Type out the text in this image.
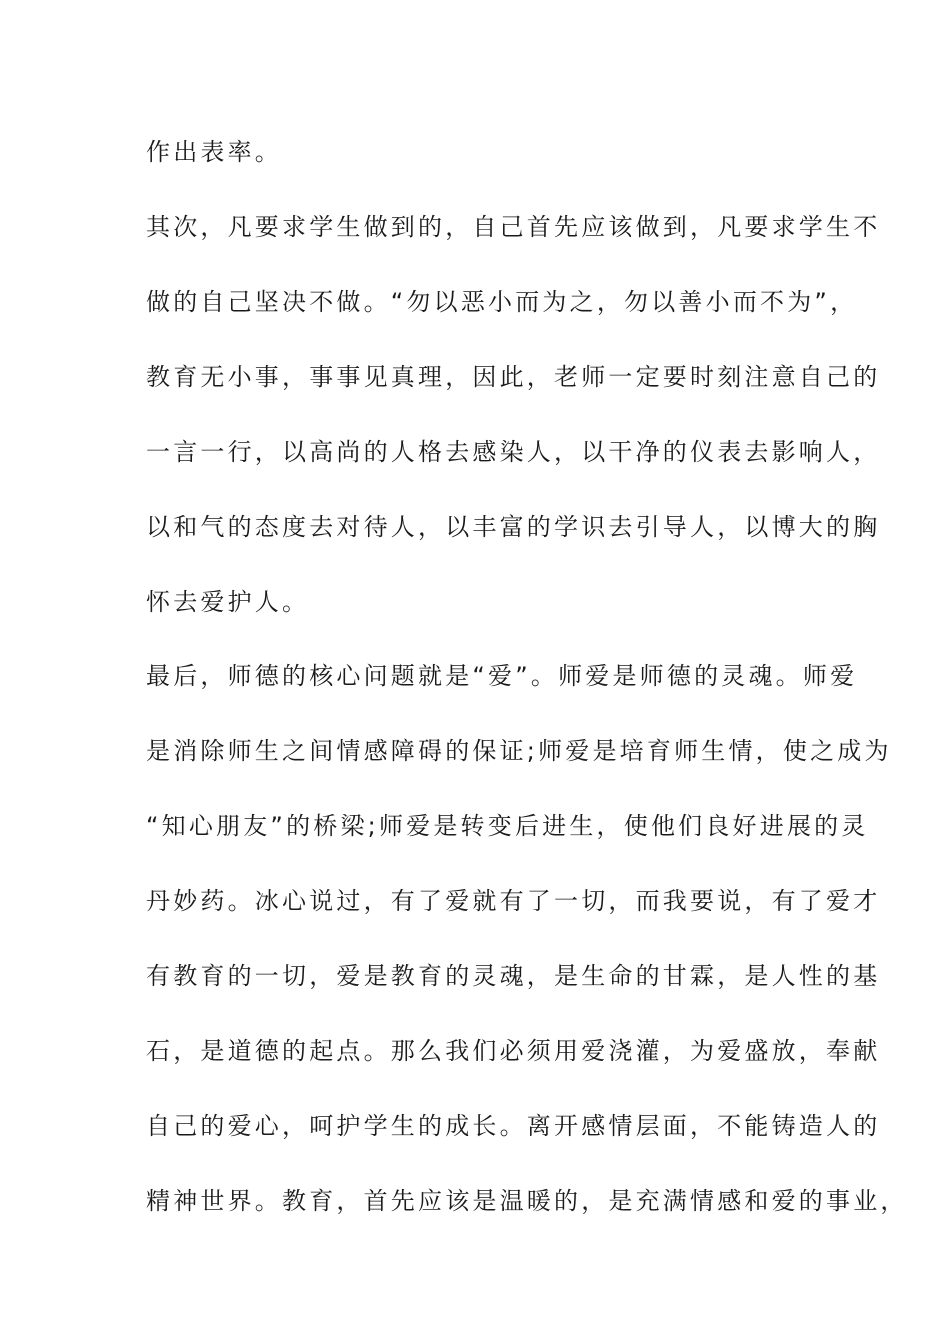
作出表率。
其次，凡要求学生做到的，自己首先应该做到，凡要求学生不
做的自己坚决不做。“勿以恶小而为之，勿以善小而不为”，
教育无小事，事事见真理，因此，老师一定要时刻注意自己的
一言一行，以高尚的人格去感染人，以干净的仪表去影响人，
以和气的态度去对待人，以丰富的学识去引导人，以博大的胸
怀去爱护人。
最后，师德的核心问题就是“爱”。师爱是师德的灵魂。师爱
是消除师生之间情感障碍的保证;师爱是培育师生情，使之成为
“知心朋友”的桥梁;师爱是转变后进生，使他们良好进展的灵
丹妙药。冰心说过，有了爱就有了一切，而我要说，有了爱才
有教育的一切，爱是教育的灵魂，是生命的甘霖，是人性的基
石，是道德的起点。那么我们必须用爱浇灌，为爱盛放，奉献
自己的爱心，呵护学生的成长。离开感情层面，不能铸造人的
精神世界。教育，首先应该是温暖的，是充满情感和爱的事业，
